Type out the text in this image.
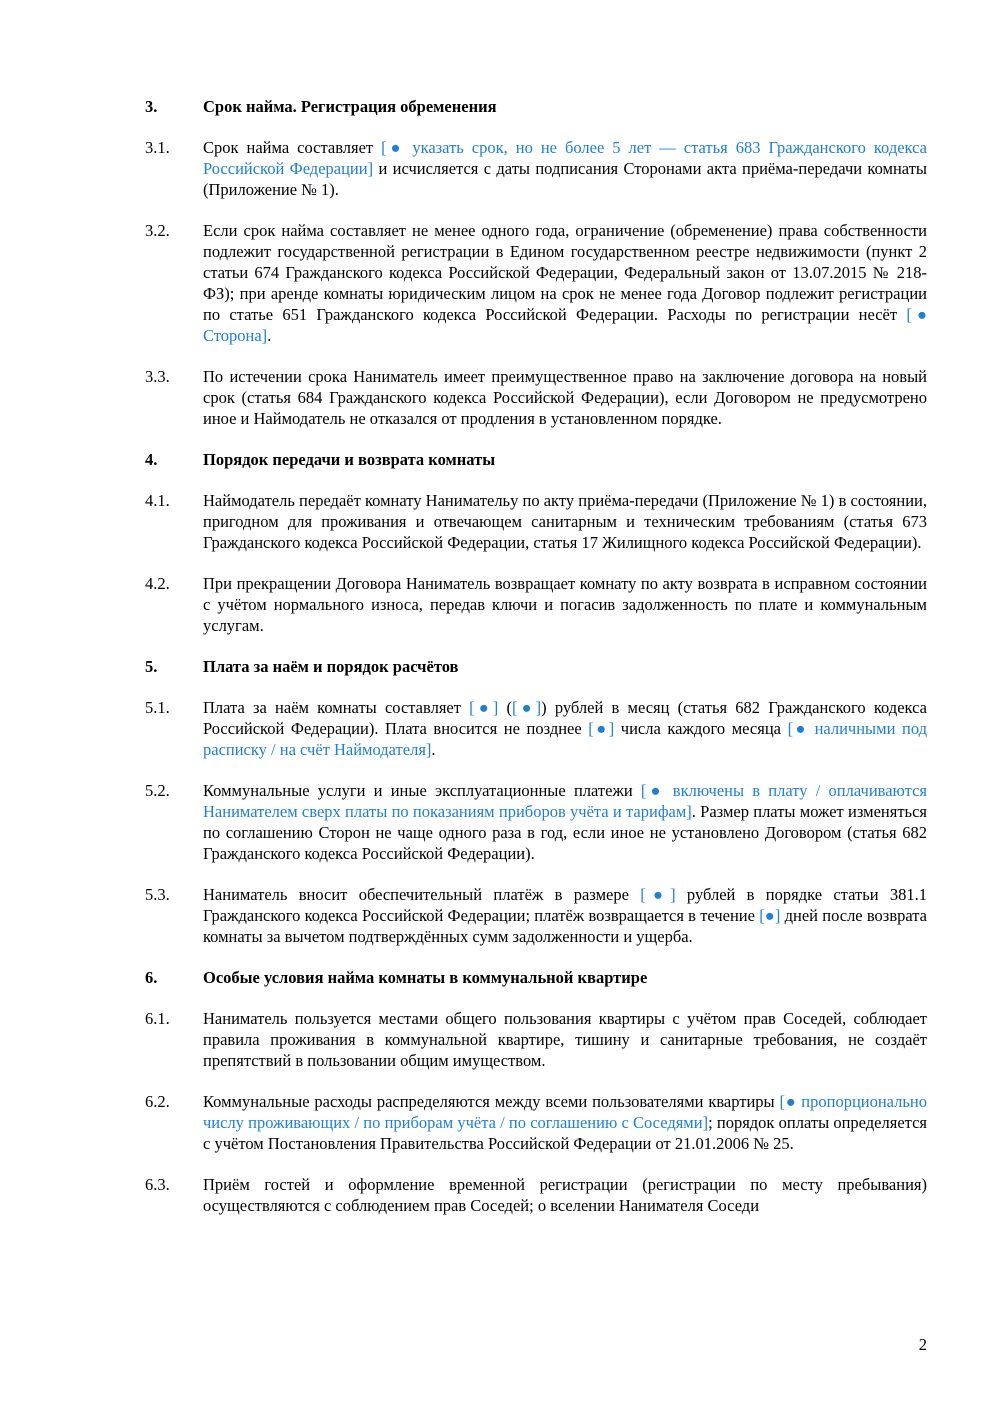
3.	Срок найма. Регистрация обременения
3.1.	Срок найма составляет [● указать срок, но не более 5 лет — статья 683 Гражданского кодекса Российской Федерации] и исчисляется с даты подписания Сторонами акта приёма-передачи комнаты (Приложение № 1).
3.2.	Если срок найма составляет не менее одного года, ограничение (обременение) права собственности подлежит государственной регистрации в Едином государственном реестре недвижимости (пункт 2 статьи 674 Гражданского кодекса Российской Федерации, Федеральный закон от 13.07.2015 № 218-ФЗ); при аренде комнаты юридическим лицом на срок не менее года Договор подлежит регистрации по статье 651 Гражданского кодекса Российской Федерации. Расходы по регистрации несёт [● Сторона].
3.3.	По истечении срока Наниматель имеет преимущественное право на заключение договора на новый срок (статья 684 Гражданского кодекса Российской Федерации), если Договором не предусмотрено иное и Наймодатель не отказался от продления в установленном порядке.
4.	Порядок передачи и возврата комнаты
4.1.	Наймодатель передаёт комнату Нанимательу по акту приёма-передачи (Приложение № 1) в состоянии, пригодном для проживания и отвечающем санитарным и техническим требованиям (статья 673 Гражданского кодекса Российской Федерации, статья 17 Жилищного кодекса Российской Федерации).
4.2.	При прекращении Договора Наниматель возвращает комнату по акту возврата в исправном состоянии с учётом нормального износа, передав ключи и погасив задолженность по плате и коммунальным услугам.
5.	Плата за наём и порядок расчётов
5.1.	Плата за наём комнаты составляет [●] ([●]) рублей в месяц (статья 682 Гражданского кодекса Российской Федерации). Плата вносится не позднее [●] числа каждого месяца [● наличными под расписку / на счёт Наймодателя].
5.2.	Коммунальные услуги и иные эксплуатационные платежи [● включены в плату / оплачиваются Нанимателем сверх платы по показаниям приборов учёта и тарифам]. Размер платы может изменяться по соглашению Сторон не чаще одного раза в год, если иное не установлено Договором (статья 682 Гражданского кодекса Российской Федерации).
5.3.	Наниматель вносит обеспечительный платёж в размере [●] рублей в порядке статьи 381.1 Гражданского кодекса Российской Федерации; платёж возвращается в течение [●] дней после возврата комнаты за вычетом подтверждённых сумм задолженности и ущерба.
6.	Особые условия найма комнаты в коммунальной квартире
6.1.	Наниматель пользуется местами общего пользования квартиры с учётом прав Соседей, соблюдает правила проживания в коммунальной квартире, тишину и санитарные требования, не создаёт препятствий в пользовании общим имуществом.
6.2.	Коммунальные расходы распределяются между всеми пользователями квартиры [● пропорционально числу проживающих / по приборам учёта / по соглашению с Соседями]; порядок оплаты определяется с учётом Постановления Правительства Российской Федерации от 21.01.2006 № 25.
6.3.	Приём гостей и оформление временной регистрации (регистрации по месту пребывания) осуществляются с соблюдением прав Соседей; о вселении Нанимателя Соседи
2
